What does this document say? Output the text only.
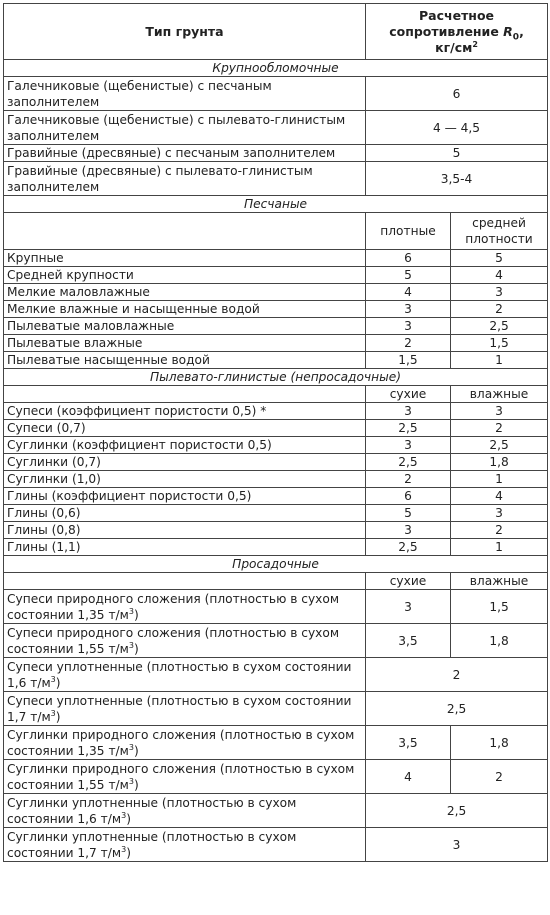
Тип грунта	Расчетное
сопротивление $R_0$,
$кг/см^2$
Крупнообломочные		
Галечниковые (щебенистые) с песчаным заполнителем	6	
Галечниковые (щебенистые) с пылевато-глинистым заполнителем	4 — 4,5	
Гравийные (дресвяные) с песчаным заполнителем	5	
Гравийные (дресвяные) с пылевато-глинистым заполнителем	3,5-4	
Песчаные		
	плотные	средней плотности
Крупные	6	5
Средней крупности	5	4
Мелкие маловлажные	4	3
Мелкие влажные и насыщенные водой	3	2
Пылеватые маловлажные	3	2,5
Пылеватые влажные	2	1,5
Пылеватые насыщенные водой	1,5	1
Пылевато-глинистые (непросадочные)		
	сухие	влажные
Супеси (коэффициент пористости 0,5) *	3	3
Супеси (0,7)	2,5	2
Суглинки (коэффициент пористости 0,5)	3	2,5
Суглинки (0,7)	2,5	1,8
Суглинки (1,0)	2	1
Глины (коэффициент пористости 0,5)	6	4
Глины (0,6)	5	3
Глины (0,8)	3	2
Глины (1,1)	2,5	1
Просадочные		
	сухие	влажные
Супеси природного сложения (плотностью в сухом состоянии 1,35 $т/м^3$)	3	1,5
Супеси природного сложения (плотностью в сухом состоянии 1,55 $т/м^3$)	3,5	1,8
Супеси уплотненные (плотностью в сухом состоянии 1,6 $т/м^3$)	2	
Супеси уплотненные (плотностью в сухом состоянии 1,7 $т/м^3$)	2,5	
Суглинки природного сложения (плотностью в сухом состоянии 1,35 $т/м^3$)	3,5	1,8
Суглинки природного сложения (плотностью в сухом состоянии 1,55 $т/м^3$)	4	2
Суглинки уплотненные (плотностью в сухом состоянии 1,6 $т/м^3$)	2,5	
Суглинки уплотненные (плотностью в сухом состоянии 1,7 $т/м^3$)	3	
